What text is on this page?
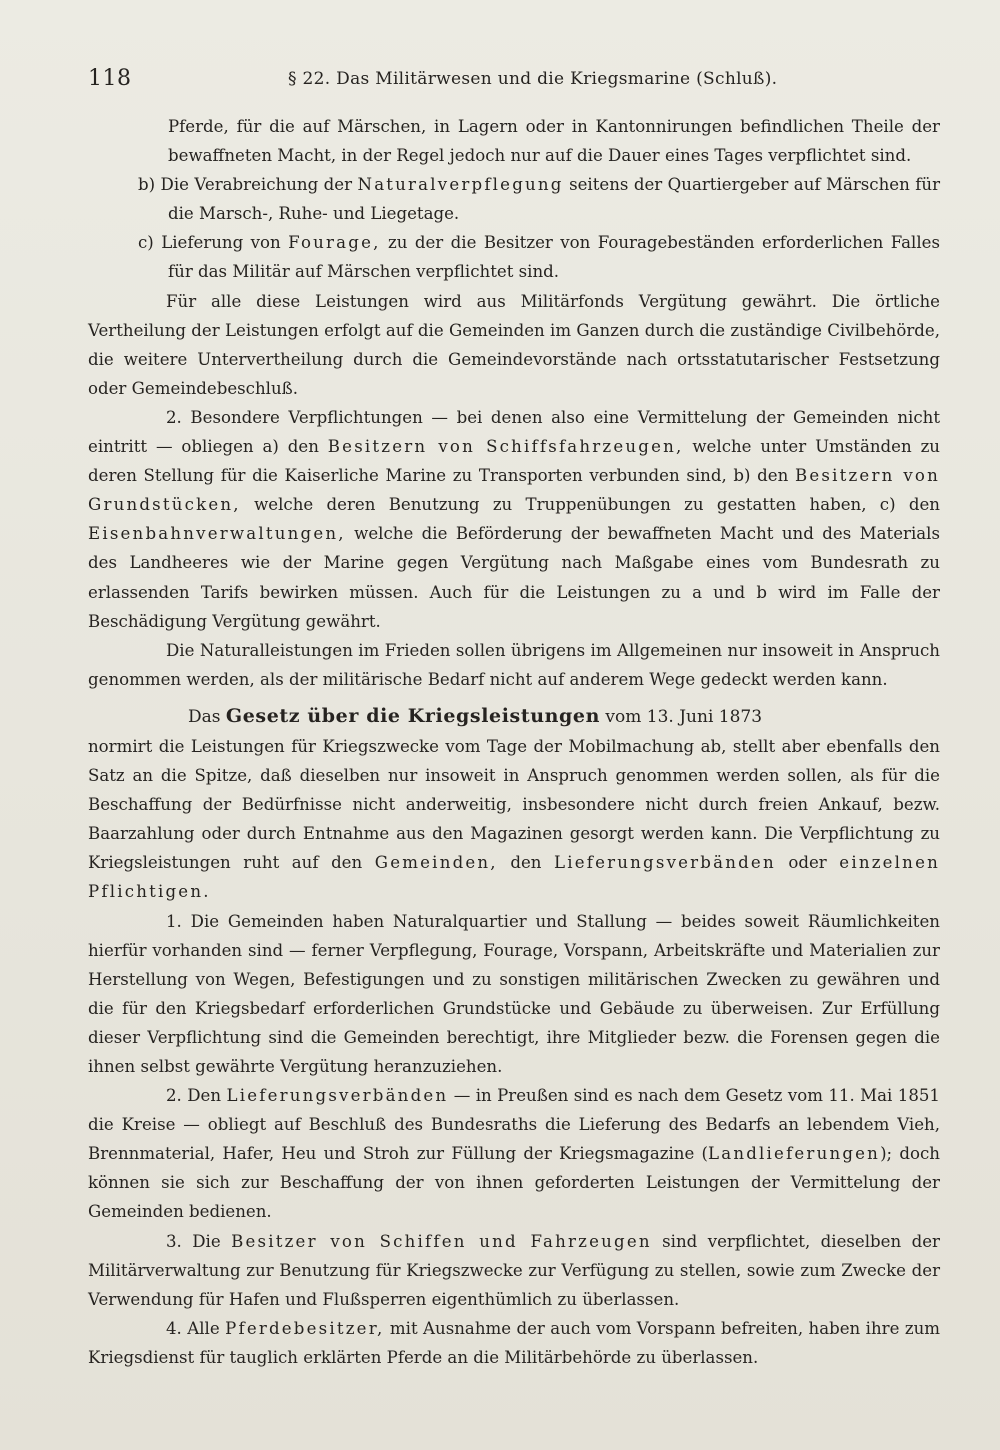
118	§ 22. Das Militärwesen und die Kriegsmarine (Schluß).

Pferde, für die auf Märschen, in Lagern oder in Kantonnirungen befindlichen Theile der bewaffneten Macht, in der Regel jedoch nur auf die Dauer eines Tages verpflichtet sind.

b) Die Verabreichung der Naturalverpflegung seitens der Quartiergeber auf Märschen für die Marsch-, Ruhe- und Liegetage.

c) Lieferung von Fourage, zu der die Besitzer von Fouragebeständen erforderlichen Falles für das Militär auf Märschen verpflichtet sind.

Für alle diese Leistungen wird aus Militärfonds Vergütung gewährt. Die örtliche Vertheilung der Leistungen erfolgt auf die Gemeinden im Ganzen durch die zuständige Civilbehörde, die weitere Untervertheilung durch die Gemeindevorstände nach ortsstatutarischer Festsetzung oder Gemeindebeschluß.

2. Besondere Verpflichtungen — bei denen also eine Vermittelung der Gemeinden nicht eintritt — obliegen a) den Besitzern von Schiffsfahrzeugen, welche unter Umständen zu deren Stellung für die Kaiserliche Marine zu Transporten verbunden sind, b) den Besitzern von Grundstücken, welche deren Benutzung zu Truppenübungen zu gestatten haben, c) den Eisenbahnverwaltungen, welche die Beförderung der bewaffneten Macht und des Materials des Landheeres wie der Marine gegen Vergütung nach Maßgabe eines vom Bundesrath zu erlassenden Tarifs bewirken müssen. Auch für die Leistungen zu a und b wird im Falle der Beschädigung Vergütung gewährt.

Die Naturalleistungen im Frieden sollen übrigens im Allgemeinen nur insoweit in Anspruch genommen werden, als der militärische Bedarf nicht auf anderem Wege gedeckt werden kann.

Das Gesetz über die Kriegsleistungen vom 13. Juni 1873

normirt die Leistungen für Kriegszwecke vom Tage der Mobilmachung ab, stellt aber ebenfalls den Satz an die Spitze, daß dieselben nur insoweit in Anspruch genommen werden sollen, als für die Beschaffung der Bedürfnisse nicht anderweitig, insbesondere nicht durch freien Ankauf, bezw. Baarzahlung oder durch Entnahme aus den Magazinen gesorgt werden kann. Die Verpflichtung zu Kriegsleistungen ruht auf den Gemeinden, den Lieferungsverbänden oder einzelnen Pflichtigen.

1. Die Gemeinden haben Naturalquartier und Stallung — beides soweit Räumlichkeiten hierfür vorhanden sind — ferner Verpflegung, Fourage, Vorspann, Arbeitskräfte und Materialien zur Herstellung von Wegen, Befestigungen und zu sonstigen militärischen Zwecken zu gewähren und die für den Kriegsbedarf erforderlichen Grundstücke und Gebäude zu überweisen. Zur Erfüllung dieser Verpflichtung sind die Gemeinden berechtigt, ihre Mitglieder bezw. die Forensen gegen die ihnen selbst gewährte Vergütung heranzuziehen.

2. Den Lieferungsverbänden — in Preußen sind es nach dem Gesetz vom 11. Mai 1851 die Kreise — obliegt auf Beschluß des Bundesraths die Lieferung des Bedarfs an lebendem Vieh, Brennmaterial, Hafer, Heu und Stroh zur Füllung der Kriegsmagazine (Landlieferungen); doch können sie sich zur Beschaffung der von ihnen geforderten Leistungen der Vermittelung der Gemeinden bedienen.

3. Die Besitzer von Schiffen und Fahrzeugen sind verpflichtet, dieselben der Militärverwaltung zur Benutzung für Kriegszwecke zur Verfügung zu stellen, sowie zum Zwecke der Verwendung für Hafen und Flußsperren eigenthümlich zu überlassen.

4. Alle Pferdebesitzer, mit Ausnahme der auch vom Vorspann befreiten, haben ihre zum Kriegsdienst für tauglich erklärten Pferde an die Militärbehörde zu überlassen.
